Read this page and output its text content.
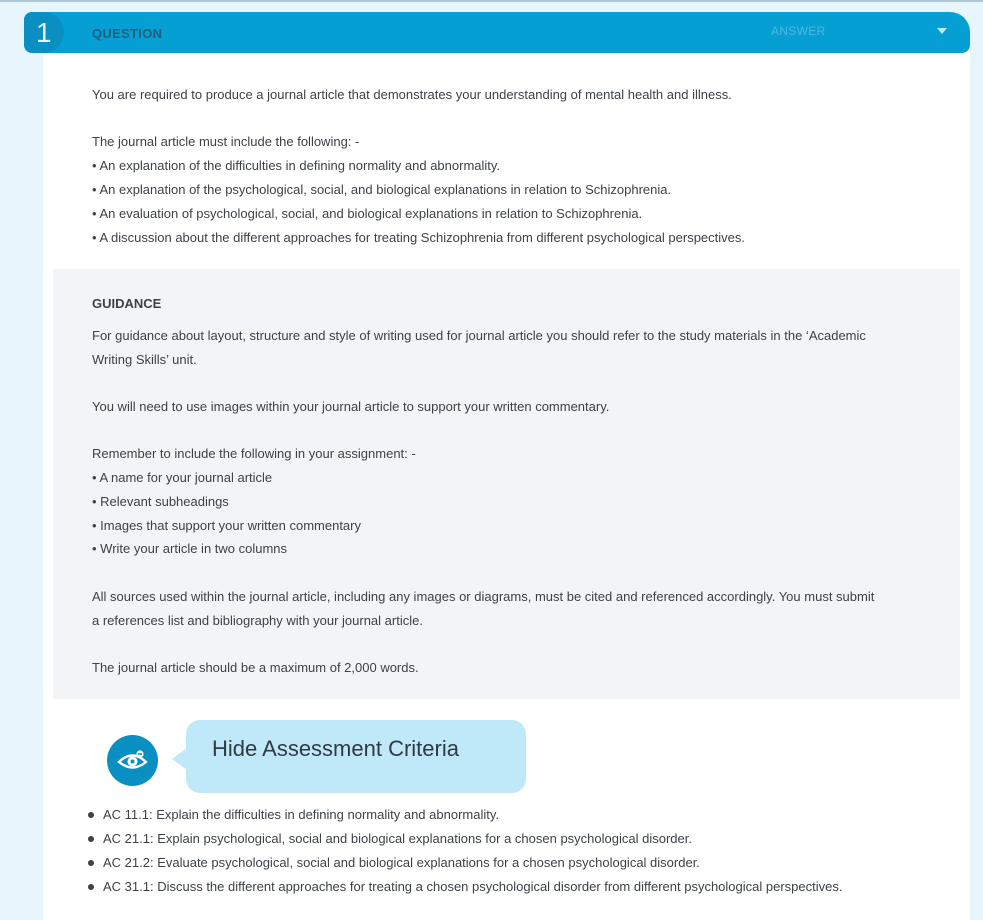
1	QUESTION	ANSWER
You are required to produce a journal article that demonstrates your understanding of mental health and illness.
The journal article must include the following: -
• An explanation of the difficulties in defining normality and abnormality.
• An explanation of the psychological, social, and biological explanations in relation to Schizophrenia.
• An evaluation of psychological, social, and biological explanations in relation to Schizophrenia.
• A discussion about the different approaches for treating Schizophrenia from different psychological perspectives.
GUIDANCE
For guidance about layout, structure and style of writing used for journal article you should refer to the study materials in the ‘Academic
Writing Skills’ unit.
You will need to use images within your journal article to support your written commentary.
Remember to include the following in your assignment: -
• A name for your journal article
• Relevant subheadings
• Images that support your written commentary
• Write your article in two columns
All sources used within the journal article, including any images or diagrams, must be cited and referenced accordingly. You must submit
a references list and bibliography with your journal article.
The journal article should be a maximum of 2,000 words.
Hide Assessment Criteria
AC 11.1: Explain the difficulties in defining normality and abnormality.
AC 21.1: Explain psychological, social and biological explanations for a chosen psychological disorder.
AC 21.2: Evaluate psychological, social and biological explanations for a chosen psychological disorder.
AC 31.1: Discuss the different approaches for treating a chosen psychological disorder from different psychological perspectives.
